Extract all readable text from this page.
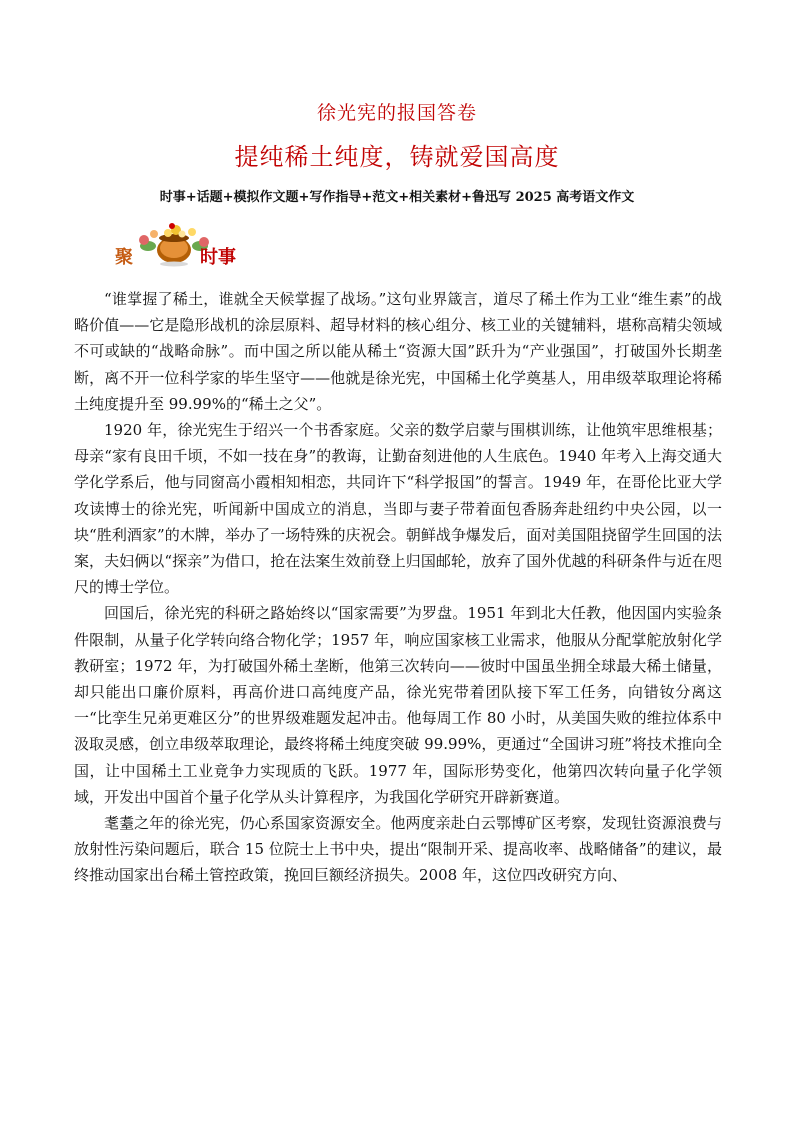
徐光宪的报国答卷
提纯稀土纯度，铸就爱国高度
时事+话题+模拟作文题+写作指导+范文+相关素材+鲁迅写 2025 高考语文作文
聚	时事

“谁掌握了稀土，谁就全天候掌握了战场。”这句业界箴言，道尽了稀土作为工业“维生素”的战略价值——它是隐形战机的涂层原料、超导材料的核心组分、核工业的关键辅料，堪称高精尖领域不可或缺的“战略命脉”。而中国之所以能从稀土“资源大国”跃升为“产业强国”，打破国外长期垄断，离不开一位科学家的毕生坚守——他就是徐光宪，中国稀土化学奠基人，用串级萃取理论将稀土纯度提升至 99.99%的“稀土之父”。

1920 年，徐光宪生于绍兴一个书香家庭。父亲的数学启蒙与围棋训练，让他筑牢思维根基；母亲“家有良田千顷，不如一技在身”的教诲，让勤奋刻进他的人生底色。1940 年考入上海交通大学化学系后，他与同窗高小霞相知相恋，共同许下“科学报国”的誓言。1949 年，在哥伦比亚大学攻读博士的徐光宪，听闻新中国成立的消息，当即与妻子带着面包香肠奔赴纽约中央公园，以一块“胜利酒家”的木牌，举办了一场特殊的庆祝会。朝鲜战争爆发后，面对美国阻挠留学生回国的法案，夫妇俩以“探亲”为借口，抢在法案生效前登上归国邮轮，放弃了国外优越的科研条件与近在咫尺的博士学位。

回国后，徐光宪的科研之路始终以“国家需要”为罗盘。1951 年到北大任教，他因国内实验条件限制，从量子化学转向络合物化学；1957 年，响应国家核工业需求，他服从分配掌舵放射化学教研室；1972 年，为打破国外稀土垄断，他第三次转向——彼时中国虽坐拥全球最大稀土储量，却只能出口廉价原料，再高价进口高纯度产品，徐光宪带着团队接下军工任务，向错钕分离这一“比孪生兄弟更难区分”的世界级难题发起冲击。他每周工作 80 小时，从美国失败的维拉体系中汲取灵感，创立串级萃取理论，最终将稀土纯度突破 99.99%，更通过“全国讲习班”将技术推向全国，让中国稀土工业竟争力实现质的飞跃。1977 年，国际形势变化，他第四次转向量子化学领域，开发出中国首个量子化学从头计算程序，为我国化学研究开辟新赛道。

耄耋之年的徐光宪，仍心系国家资源安全。他两度亲赴白云鄂博矿区考察，发现钍资源浪费与放射性污染问题后，联合 15 位院士上书中央，提出“限制开采、提高收率、战略储备”的建议，最终推动国家出台稀土管控政策，挽回巨额经济损失。2008 年，这位四改研究方向、
